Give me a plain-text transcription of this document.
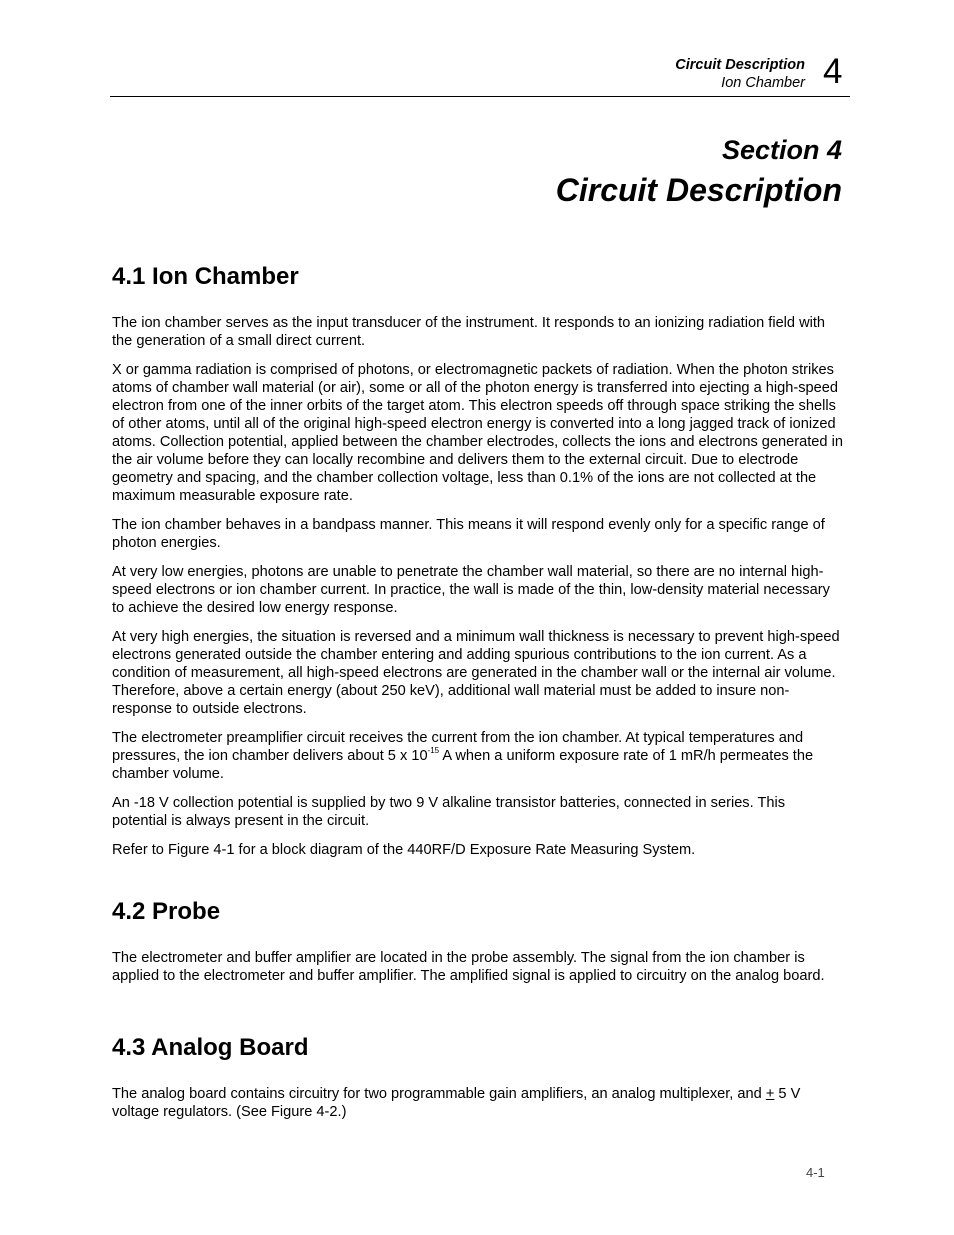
Circuit Description
Ion Chamber 4
Section 4
Circuit Description
4.1 Ion Chamber

The ion chamber serves as the input transducer of the instrument. It responds to an ionizing radiation field with the generation of a small direct current.

X or gamma radiation is comprised of photons, or electromagnetic packets of radiation. When the photon strikes atoms of chamber wall material (or air), some or all of the photon energy is transferred into ejecting a high-speed electron from one of the inner orbits of the target atom. This electron speeds off through space striking the shells of other atoms, until all of the original high-speed electron energy is converted into a long jagged track of ionized atoms. Collection potential, applied between the chamber electrodes, collects the ions and electrons generated in the air volume before they can locally recombine and delivers them to the external circuit. Due to electrode geometry and spacing, and the chamber collection voltage, less than 0.1% of the ions are not collected at the maximum measurable exposure rate.

The ion chamber behaves in a bandpass manner. This means it will respond evenly only for a specific range of photon energies.

At very low energies, photons are unable to penetrate the chamber wall material, so there are no internal high-speed electrons or ion chamber current. In practice, the wall is made of the thin, low-density material necessary to achieve the desired low energy response.

At very high energies, the situation is reversed and a minimum wall thickness is necessary to prevent high-speed electrons generated outside the chamber entering and adding spurious contributions to the ion current. As a condition of measurement, all high-speed electrons are generated in the chamber wall or the internal air volume. Therefore, above a certain energy (about 250 keV), additional wall material must be added to insure non-response to outside electrons.

The electrometer preamplifier circuit receives the current from the ion chamber. At typical temperatures and pressures, the ion chamber delivers about 5 x $10^{-15}$ A when a uniform exposure rate of 1 mR/h permeates the chamber volume.

An -18 V collection potential is supplied by two 9 V alkaline transistor batteries, connected in series. This potential is always present in the circuit.

Refer to Figure 4-1 for a block diagram of the 440RF/D Exposure Rate Measuring System.

4.2 Probe

The electrometer and buffer amplifier are located in the probe assembly. The signal from the ion chamber is applied to the electrometer and buffer amplifier. The amplified signal is applied to circuitry on the analog board.

4.3 Analog Board

The analog board contains circuitry for two programmable gain amplifiers, an analog multiplexer, and + 5 V voltage regulators. (See Figure 4-2.)

4-1
